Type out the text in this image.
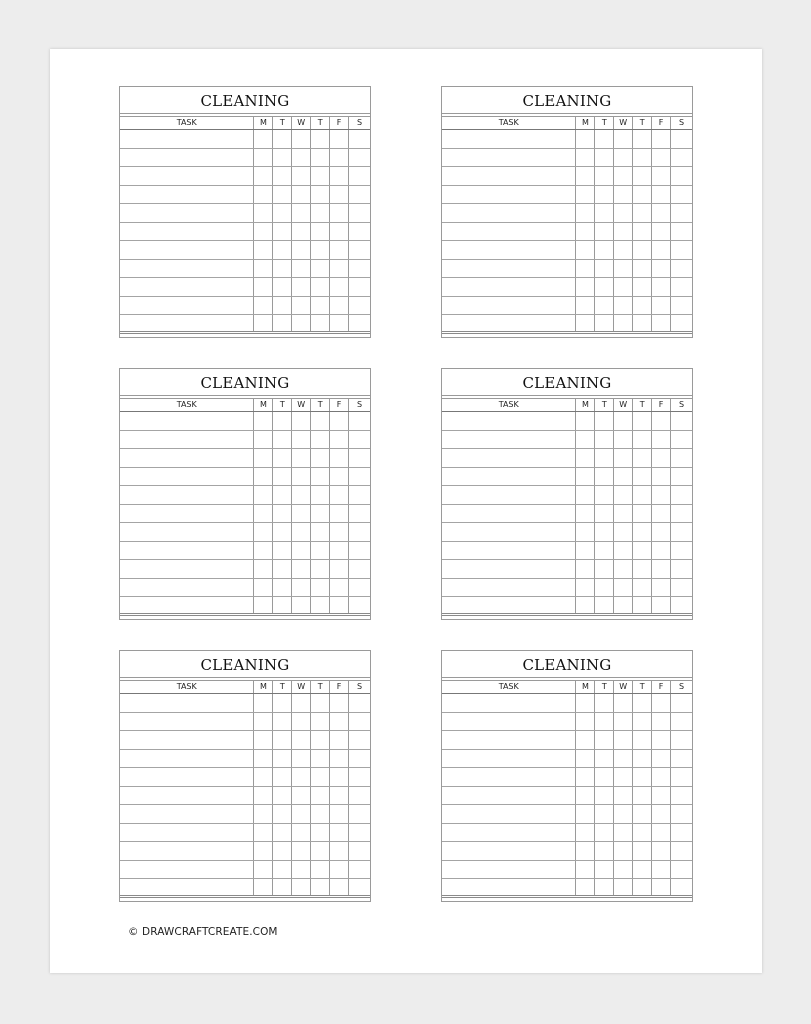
© DRAWCRAFTCREATE.COM
CLEANING
TASK	M	T	W	T	F	S
CLEANING
TASK	M	T	W	T	F	S
CLEANING
TASK	M	T	W	T	F	S
CLEANING
TASK	M	T	W	T	F	S
CLEANING
TASK	M	T	W	T	F	S
CLEANING
TASK	M	T	W	T	F	S
